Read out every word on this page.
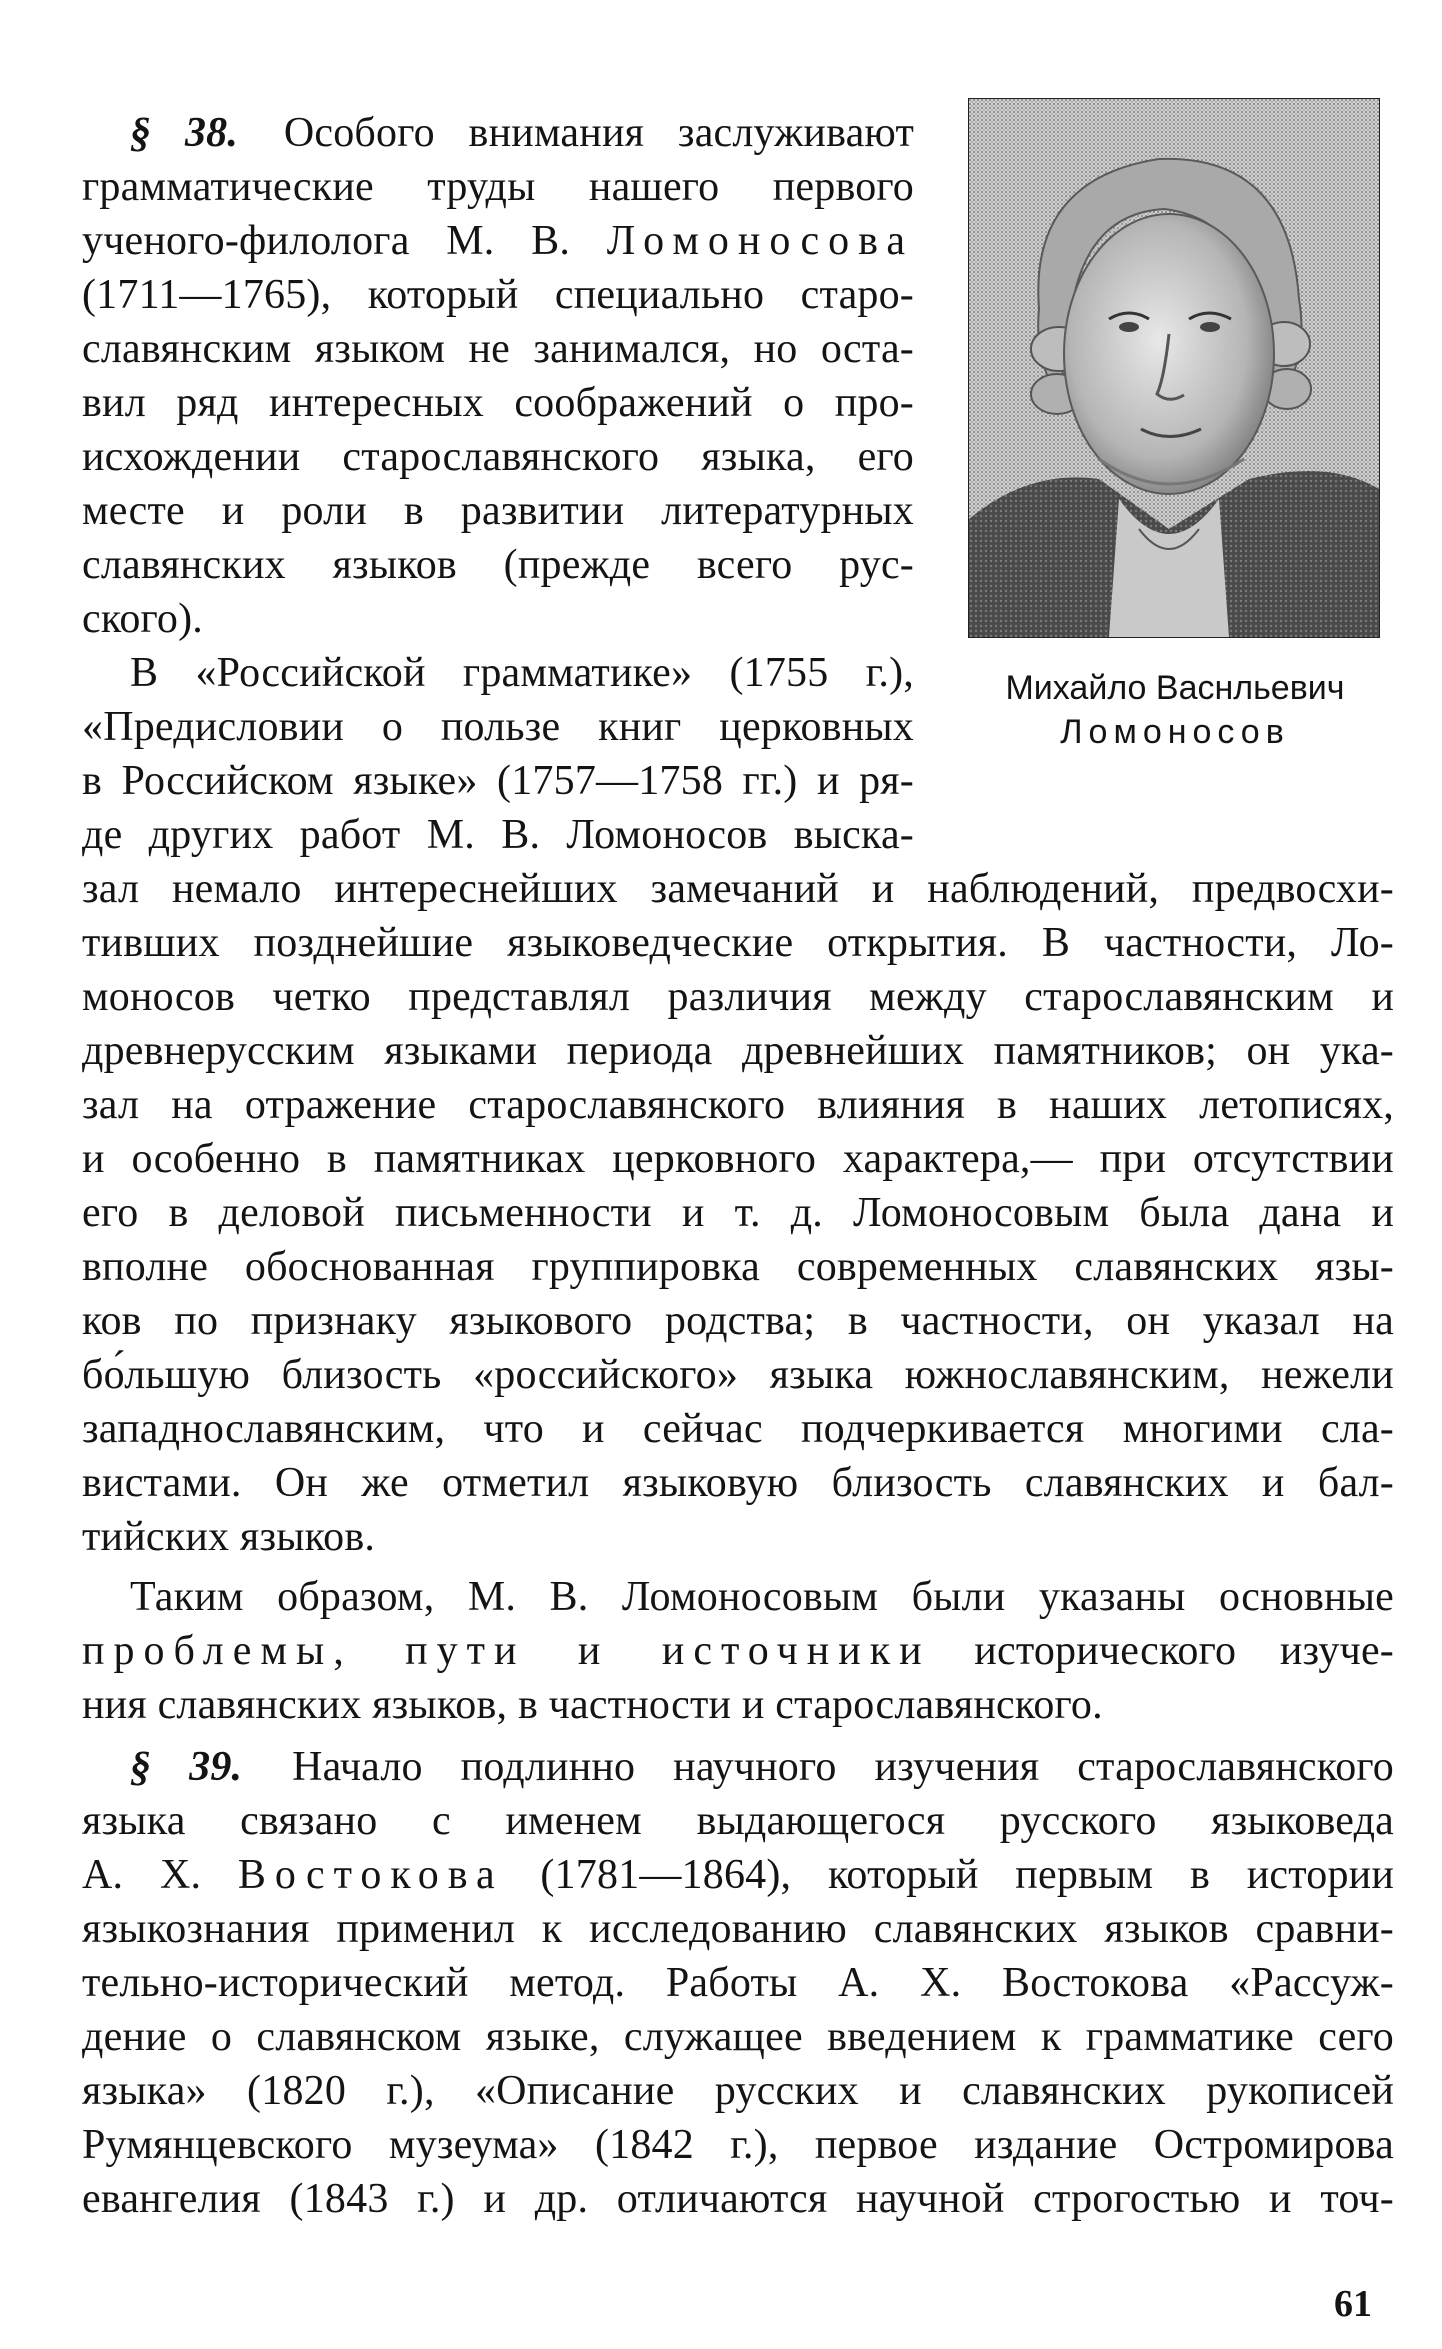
Михайло Васнльевич
Ломоносов
§ 38. Особого внимания заслуживают
грамматические труды нашего первого
ученого-филолога М. В. Ломоносова
(1711—1765), который специально старо-
славянским языком не занимался, но оста-
вил ряд интересных соображений о про-
исхождении старославянского языка, его
месте и роли в развитии литературных
славянских языков (прежде всего рус-
ского).
В «Российской грамматике» (1755 г.),
«Предисловии о пользе книг церковных
в Российском языке» (1757—1758 гг.) и ря-
де других работ М. В. Ломоносов выска-
зал немало интереснейших замечаний и наблюдений, предвосхи-
тивших позднейшие языковедческие открытия. В частности, Ло-
моносов четко представлял различия между старославянским и
древнерусским языками периода древнейших памятников; он ука-
зал на отражение старославянского влияния в наших летописях,
и особенно в памятниках церковного характера,— при отсутствии
его в деловой письменности и т. д. Ломоносовым была дана и
вполне обоснованная группировка современных славянских язы-
ков по признаку языкового родства; в частности, он указал на
бо́льшую близость «российского» языка южнославянским, нежели
западнославянским, что и сейчас подчеркивается многими сла-
вистами. Он же отметил языковую близость славянских и бал-
тийских языков.
Таким образом, М. В. Ломоносовым были указаны основные
проблемы, пути и источники исторического изуче-
ния славянских языков, в частности и старославянского.
§ 39. Начало подлинно научного изучения старославянского
языка связано с именем выдающегося русского языковеда
А. Х. Востокова (1781—1864), который первым в истории
языкознания применил к исследованию славянских языков сравни-
тельно-исторический метод. Работы А. Х. Востокова «Рассуж-
дение о славянском языке, служащее введением к грамматике сего
языка» (1820 г.), «Описание русских и славянских рукописей
Румянцевского музеума» (1842 г.), первое издание Остромирова
евангелия (1843 г.) и др. отличаются научной строгостью и точ-
61
